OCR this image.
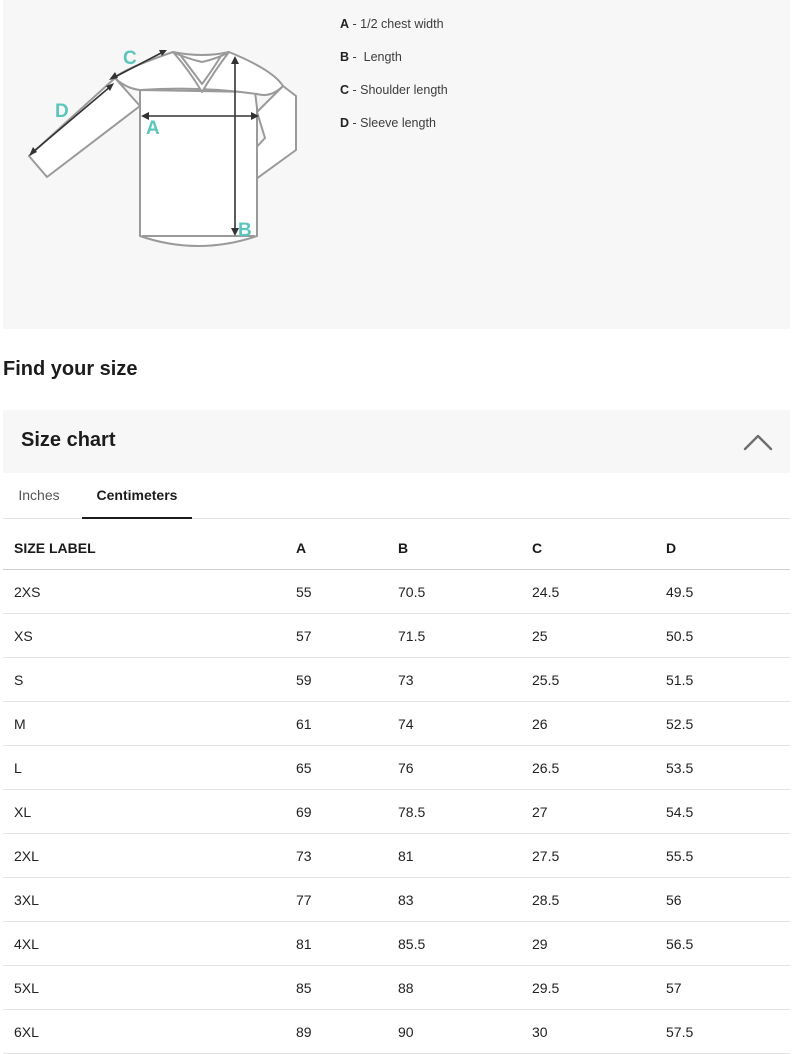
A
B
C
D
A - 1/2 chest width
B -  Length
C - Shoulder length
D - Sleeve length
Find your size
Size chart
Inches	Centimeters
SIZE LABEL	A	B	C	D
2XS	55	70.5	24.5	49.5
XS	57	71.5	25	50.5
S	59	73	25.5	51.5
M	61	74	26	52.5
L	65	76	26.5	53.5
XL	69	78.5	27	54.5
2XL	73	81	27.5	55.5
3XL	77	83	28.5	56
4XL	81	85.5	29	56.5
5XL	85	88	29.5	57
6XL	89	90	30	57.5
